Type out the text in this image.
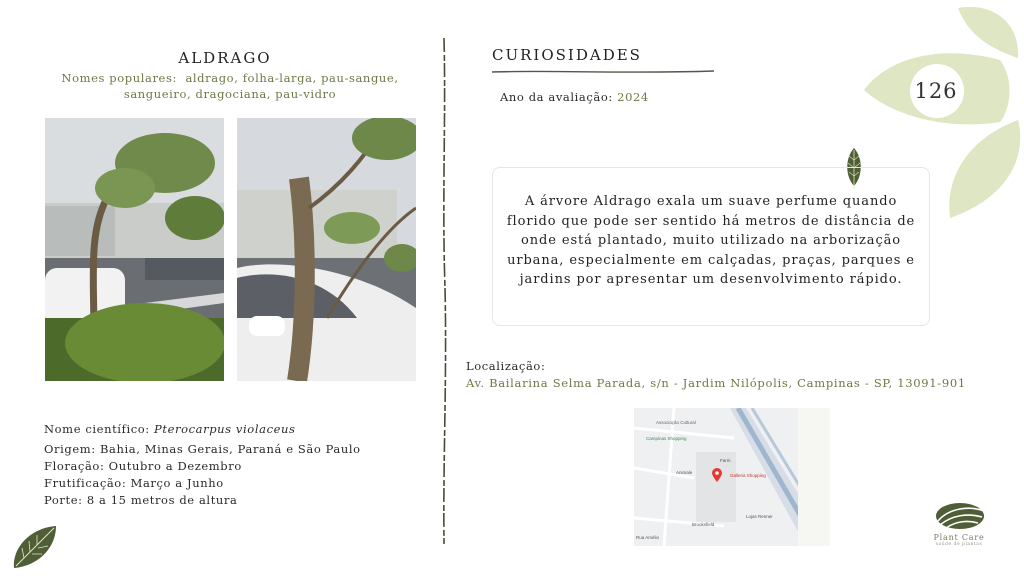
126
ALDRAGO
Nomes populares: aldrago, folha-larga, pau-sangue, sangueiro, dragociana, pau-vidro
Nome científico: Pterocarpus violaceus
Origem: Bahia, Minas Gerais, Paraná e São Paulo
Floração: Outubro a Dezembro
Frutificação: Março a Junho
Porte: 8 a 15 metros de altura
CURIOSIDADES
Ano da avaliação: 2024
A árvore Aldrago exala um suave perfume quando florido que pode ser sentido há metros de distância de onde está plantado, muito utilizado na arborização urbana, especialmente em calçadas, praças, parques e jardins por apresentar um desenvolvimento rápido.
Localização:
Av. Bailarina Selma Parada, s/n - Jardim Nilópolis, Campinas - SP, 13091-901
Associação Cultural
Campinas Shopping
Farm
Galleria Shopping
Animale
Lojas Renner
Brooksfield
Rua Amélio	Plant Care
saúde de plantas
